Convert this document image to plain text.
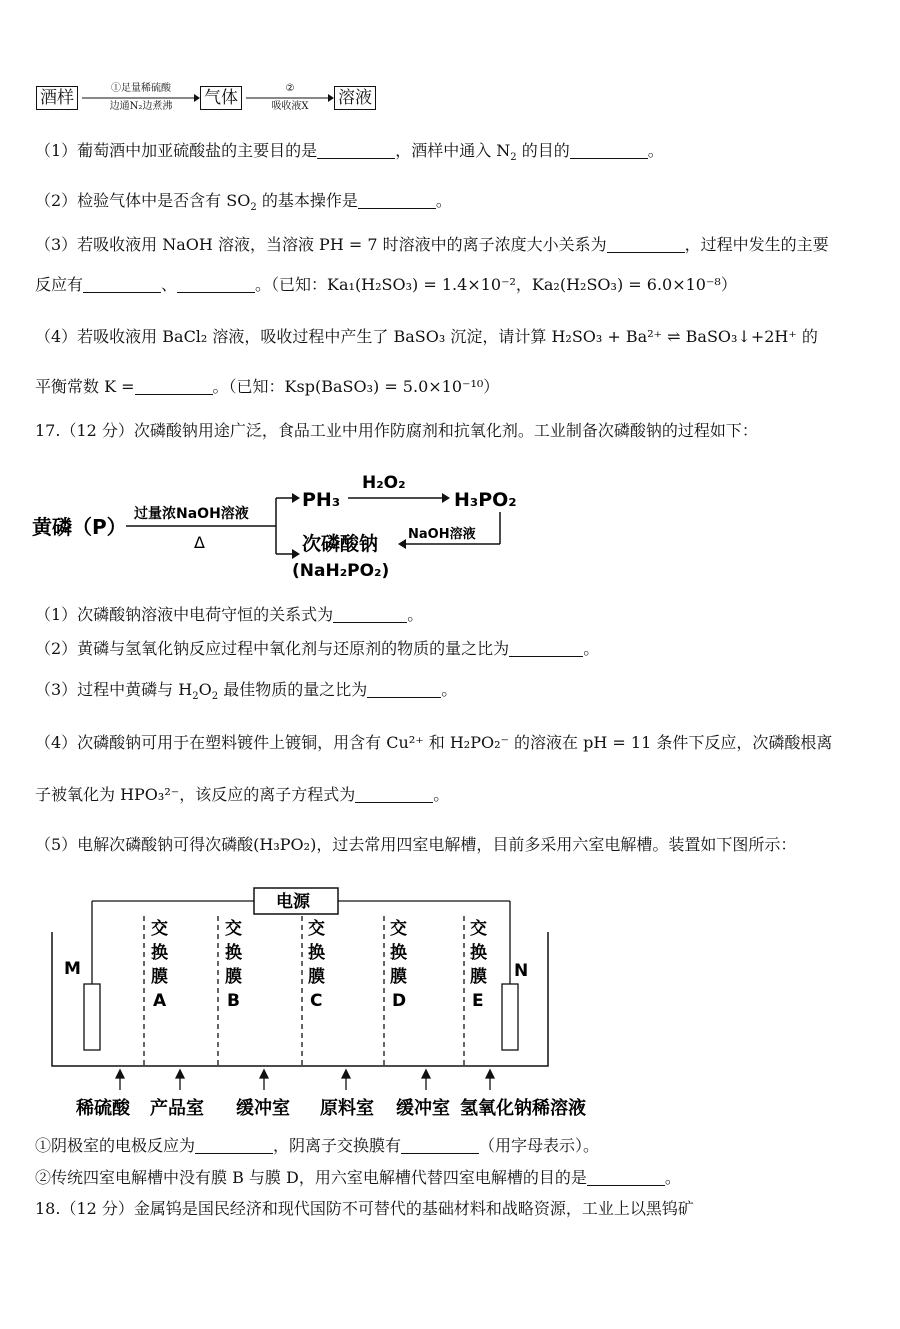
酒样	①足量稀硫酸
边通N₂边煮沸	气体	②
吸收液X	溶液
（1）葡萄酒中加亚硫酸盐的主要目的是	，酒样中通入 $N_2$ 的目的	。
（2）检验气体中是否含有 $SO_2$ 的基本操作是	。
（3）若吸收液用 NaOH 溶液，当溶液 PH = 7 时溶液中的离子浓度大小关系为	，过程中发生的主要
反应有	、	。（已知：Ka₁(H₂SO₃) = 1.4×10⁻²，Ka₂(H₂SO₃) = 6.0×10⁻⁸）
（4）若吸收液用 BaCl₂ 溶液，吸收过程中产生了 BaSO₃ 沉淀，请计算 H₂SO₃ + Ba²⁺ ⇌ BaSO₃↓+2H⁺ 的
平衡常数 K =	。（已知：Ksp(BaSO₃) = 5.0×10⁻¹⁰）
17.（12 分）次磷酸钠用途广泛，食品工业中用作防腐剂和抗氧化剂。工业制备次磷酸钠的过程如下：
黄磷（P）
过量浓NaOH溶液
Δ
PH₃
H₂O₂
H₃PO₂
NaOH溶液
次磷酸钠
(NaH₂PO₂)
（1）次磷酸钠溶液中电荷守恒的关系式为	。
（2）黄磷与氢氧化钠反应过程中氧化剂与还原剂的物质的量之比为	。
（3）过程中黄磷与 $H_2O_2$ 最佳物质的量之比为	。
（4）次磷酸钠可用于在塑料镀件上镀铜，用含有 Cu²⁺ 和 H₂PO₂⁻ 的溶液在 pH = 11 条件下反应，次磷酸根离
子被氧化为 HPO₃²⁻，该反应的离子方程式为	。
（5）电解次磷酸钠可得次磷酸(H₃PO₂)，过去常用四室电解槽，目前多采用六室电解槽。装置如下图所示：
电源
M	N
交换膜 A
交换膜 B
交换膜 C
交换膜 D
交换膜 E
稀硫酸 产品室 缓冲室 原料室 缓冲室 氢氧化钠稀溶液
①阴极室的电极反应为	，阴离子交换膜有	（用字母表示）。
②传统四室电解槽中没有膜 B 与膜 D，用六室电解槽代替四室电解槽的目的是	。
18.（12 分）金属钨是国民经济和现代国防不可替代的基础材料和战略资源，工业上以黑钨矿
